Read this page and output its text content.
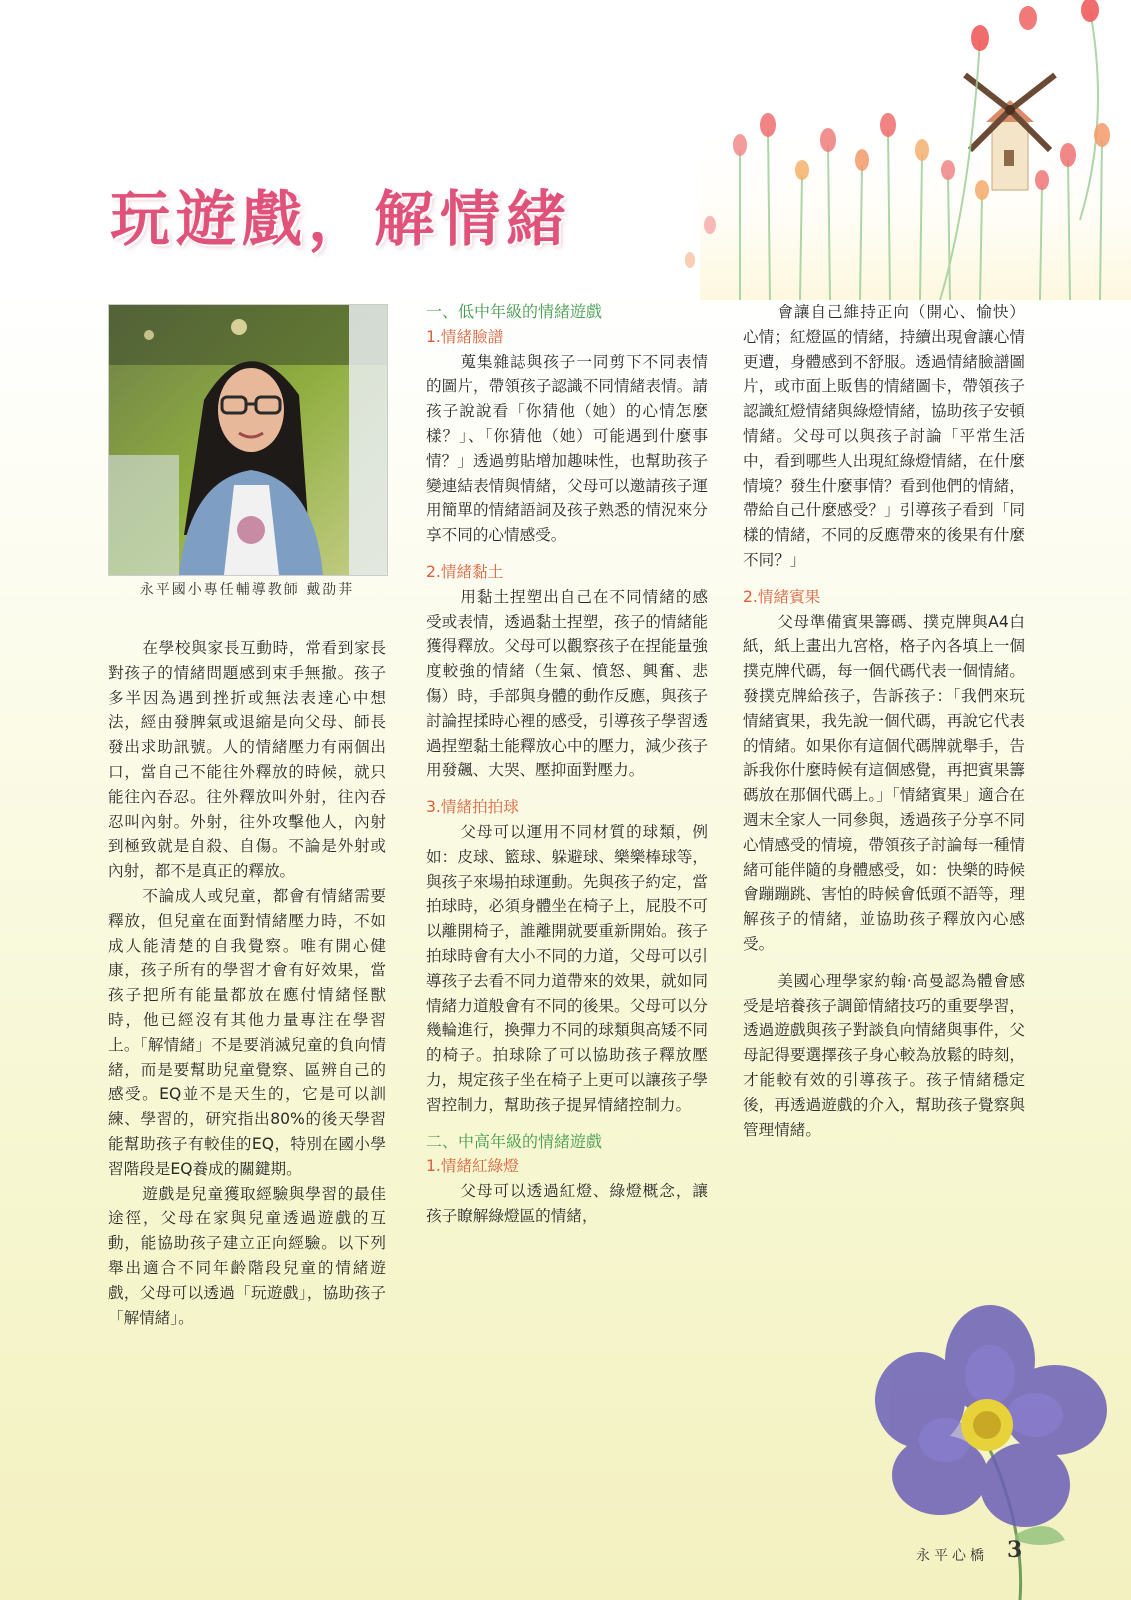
玩遊戲，解情緒
永平國小專任輔導教師 戴劭荓

在學校與家長互動時，常看到家長對孩子的情緒問題感到束手無撤。孩子多半因為遇到挫折或無法表達心中想法，經由發脾氣或退縮是向父母、師長發出求助訊號。人的情緒壓力有兩個出口，當自己不能往外釋放的時候，就只能往內吞忍。往外釋放叫外射，往內吞忍叫內射。外射，往外攻擊他人，內射到極致就是自殺、自傷。不論是外射或內射，都不是真正的釋放。

不論成人或兒童，都會有情緒需要釋放，但兒童在面對情緒壓力時，不如成人能清楚的自我覺察。唯有開心健康，孩子所有的學習才會有好效果，當孩子把所有能量都放在應付情緒怪獸時，他已經沒有其他力量專注在學習上。「解情緒」不是要消滅兒童的負向情緒，而是要幫助兒童覺察、區辨自己的感受。EQ並不是天生的，它是可以訓練、學習的，研究指出80%的後天學習能幫助孩子有較佳的EQ，特別在國小學習階段是EQ養成的關鍵期。

遊戲是兒童獲取經驗與學習的最佳途徑，父母在家與兒童透過遊戲的互動，能協助孩子建立正向經驗。以下列舉出適合不同年齡階段兒童的情緒遊戲，父母可以透過「玩遊戲」，協助孩子「解情緒」。

一、低中年級的情緒遊戲

1.情緒臉譜

蒐集雜誌與孩子一同剪下不同表情的圖片，帶領孩子認識不同情緒表情。請孩子說說看「你猜他（她）的心情怎麼樣？」、「你猜他（她）可能遇到什麼事情？」透過剪貼增加趣味性，也幫助孩子變連結表情與情緒，父母可以邀請孩子運用簡單的情緒語詞及孩子熟悉的情況來分享不同的心情感受。

2.情緒黏土

用黏土捏塑出自己在不同情緒的感受或表情，透過黏土捏塑，孩子的情緒能獲得釋放。父母可以觀察孩子在捏能量強度較強的情緒（生氣、憤怒、興奮、悲傷）時，手部與身體的動作反應，與孩子討論捏揉時心裡的感受，引導孩子學習透過捏塑黏土能釋放心中的壓力，減少孩子用發飆、大哭、壓抑面對壓力。

3.情緒拍拍球

父母可以運用不同材質的球類，例如：皮球、籃球、躲避球、樂樂棒球等，與孩子來場拍球運動。先與孩子約定，當拍球時，必須身體坐在椅子上，屁股不可以離開椅子，誰離開就要重新開始。孩子拍球時會有大小不同的力道，父母可以引導孩子去看不同力道帶來的效果，就如同情緒力道般會有不同的後果。父母可以分幾輪進行，換彈力不同的球類與高矮不同的椅子。拍球除了可以協助孩子釋放壓力，規定孩子坐在椅子上更可以讓孩子學習控制力，幫助孩子提昇情緒控制力。

二、中高年級的情緒遊戲

1.情緒紅綠燈

父母可以透過紅燈、綠燈概念，讓孩子瞭解綠燈區的情緒，

會讓自己維持正向（開心、愉快）心情；紅燈區的情緒，持續出現會讓心情更遭，身體感到不舒服。透過情緒臉譜圖片，或市面上販售的情緒圖卡，帶領孩子認識紅燈情緒與綠燈情緒，協助孩子安頓情緒。父母可以與孩子討論「平常生活中，看到哪些人出現紅綠燈情緒，在什麼情境？發生什麼事情？看到他們的情緒，帶給自己什麼感受？」引導孩子看到「同樣的情緒，不同的反應帶來的後果有什麼不同？」

2.情緒賓果

父母準備賓果籌碼、撲克牌與A4白紙，紙上畫出九宮格，格子內各填上一個撲克牌代碼，每一個代碼代表一個情緒。發撲克牌給孩子，告訴孩子：「我們來玩情緒賓果，我先說一個代碼，再說它代表的情緒。如果你有這個代碼牌就舉手，告訴我你什麼時候有這個感覺，再把賓果籌碼放在那個代碼上。」「情緒賓果」適合在週末全家人一同參與，透過孩子分享不同心情感受的情境，帶領孩子討論每一種情緒可能伴隨的身體感受，如：快樂的時候會蹦蹦跳、害怕的時候會低頭不語等，理解孩子的情緒，並協助孩子釋放內心感受。

美國心理學家約翰·高曼認為體會感受是培養孩子調節情緒技巧的重要學習，透過遊戲與孩子對談負向情緒與事件，父母記得要選擇孩子身心較為放鬆的時刻，才能較有效的引導孩子。孩子情緒穩定後，再透過遊戲的介入，幫助孩子覺察與管理情緒。

永平心橋 3
